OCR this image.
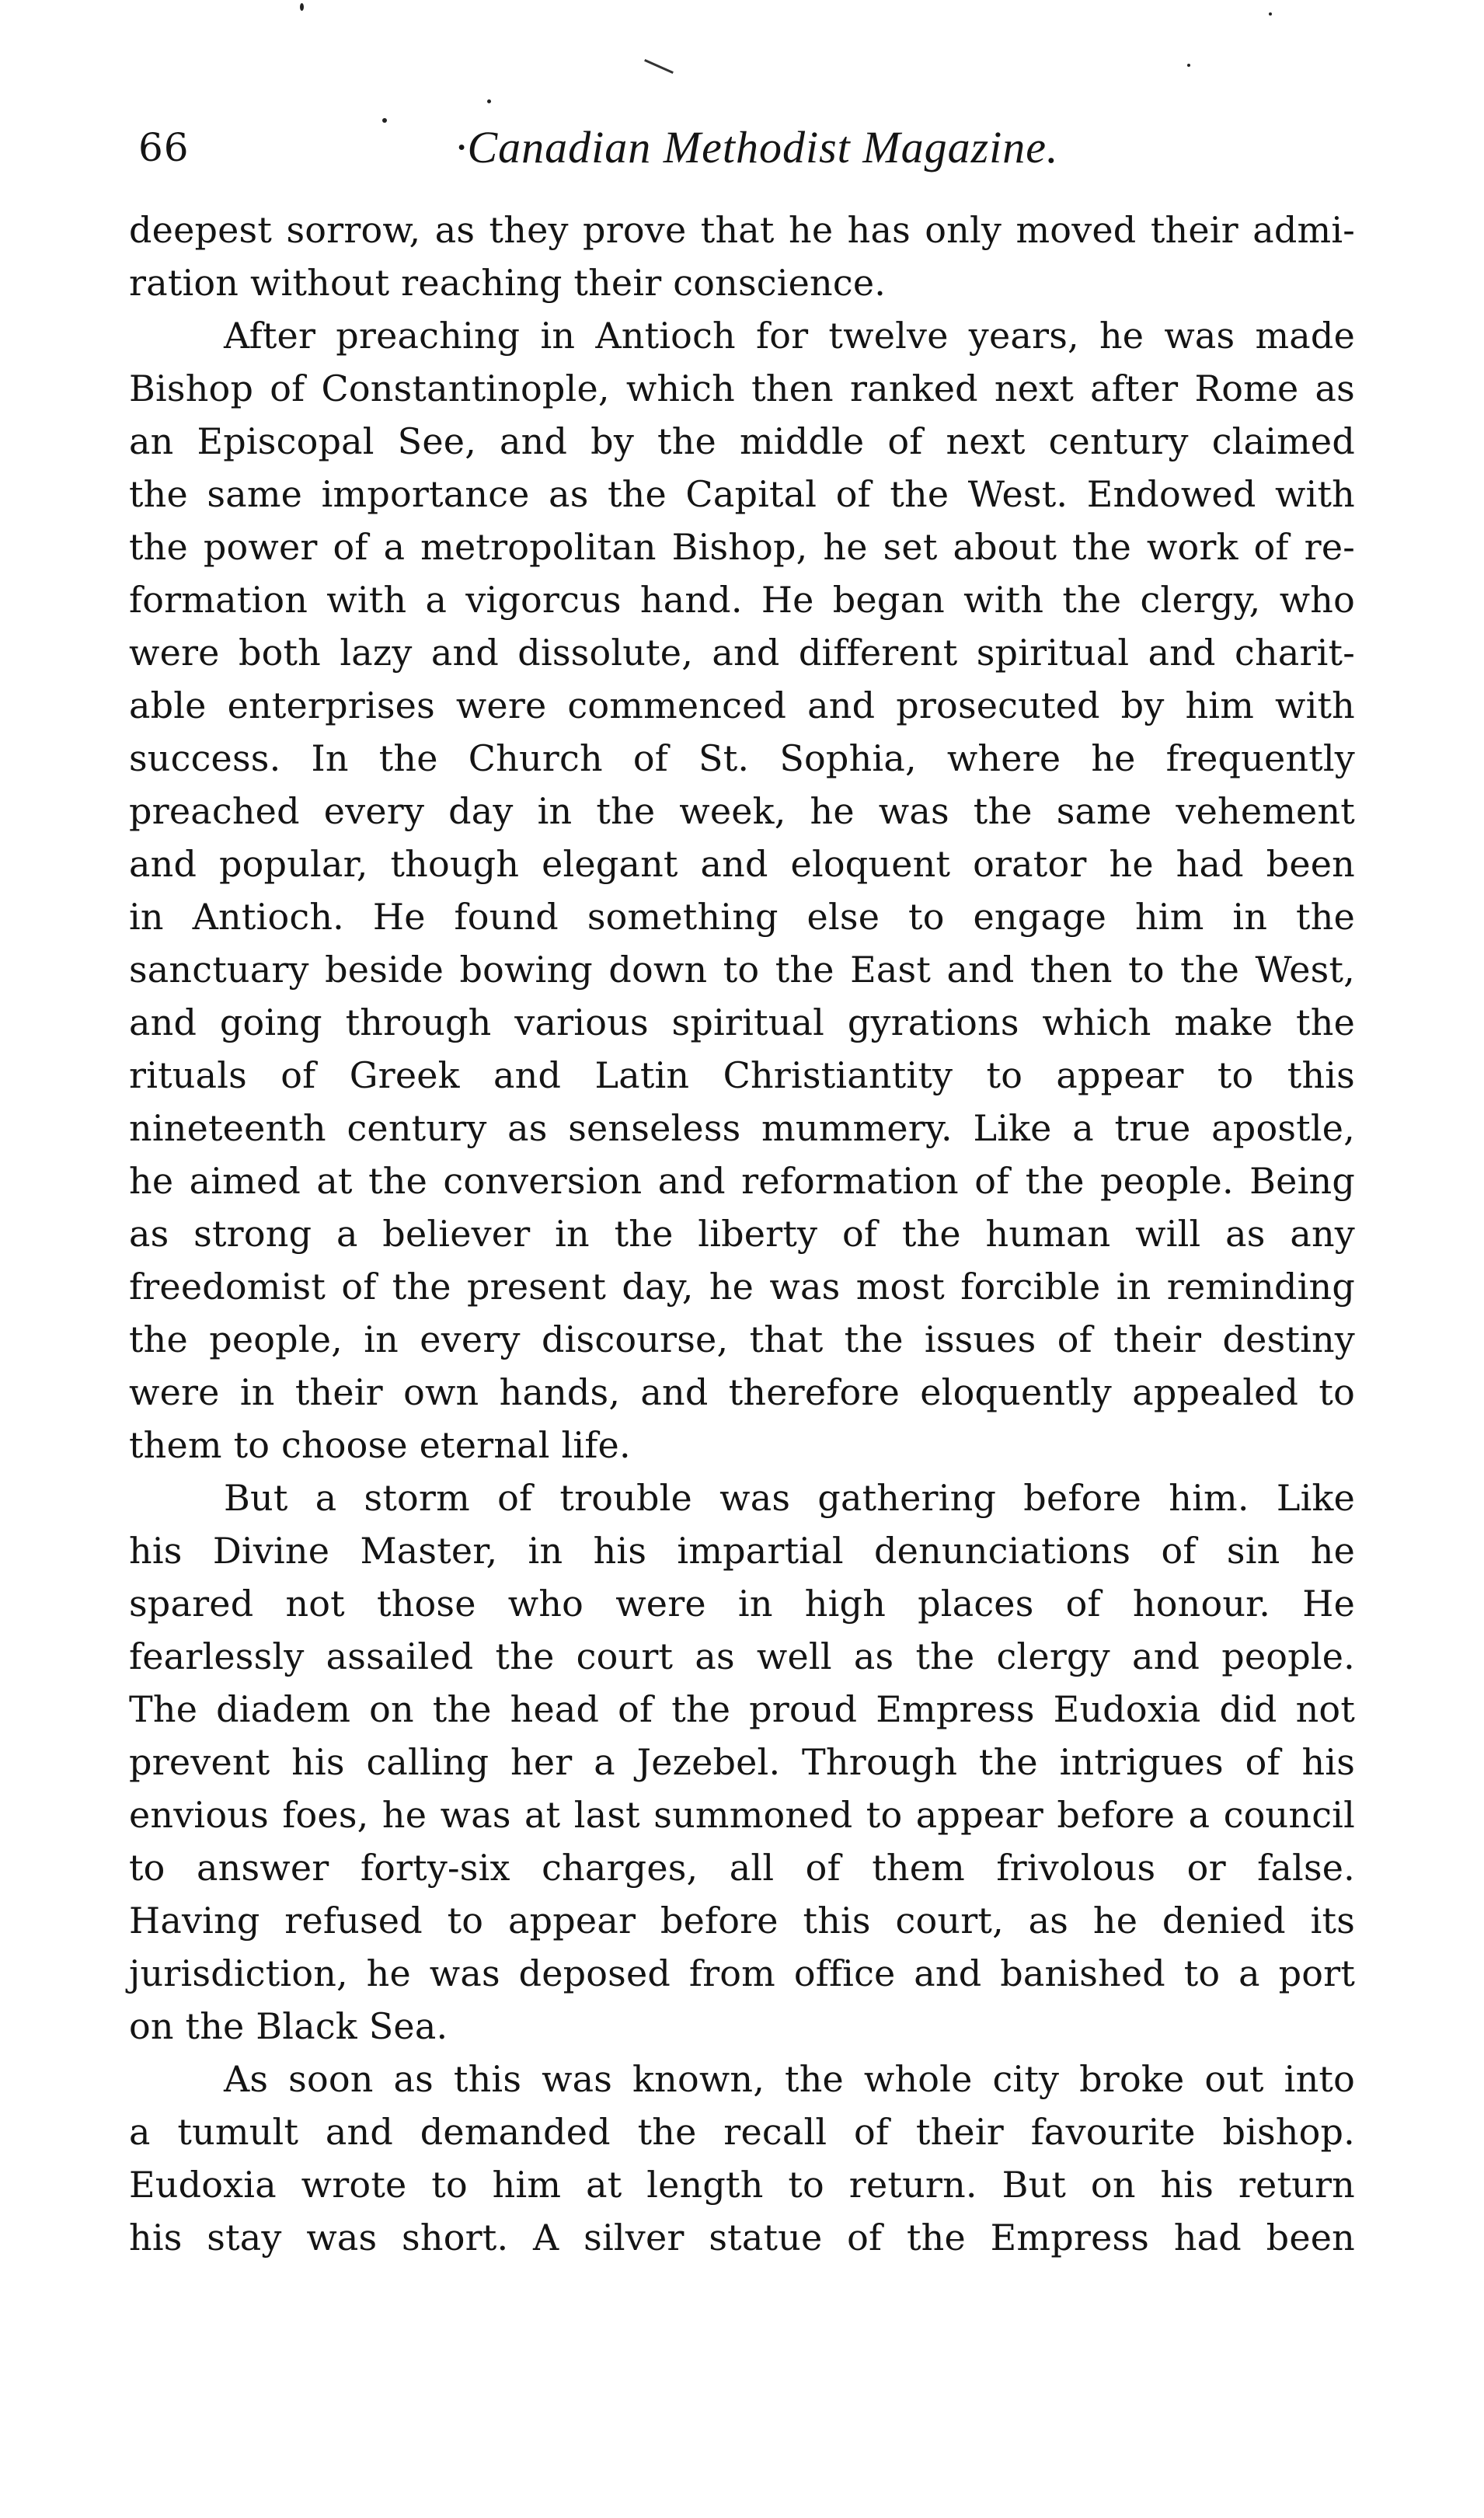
66	·Canadian Methodist Magazine.
deepest sorrow, as they prove that he has only moved their admi-
ration without reaching their conscience.
After preaching in Antioch for twelve years, he was made
Bishop of Constantinople, which then ranked next after Rome as
an Episcopal See, and by the middle of next century claimed
the same importance as the Capital of the West. Endowed with
the power of a metropolitan Bishop, he set about the work of re-
formation with a vigorcus hand. He began with the clergy, who
were both lazy and dissolute, and different spiritual and charit-
able enterprises were commenced and prosecuted by him with
success. In the Church of St. Sophia, where he frequently
preached every day in the week, he was the same vehement
and popular, though elegant and eloquent orator he had been
in Antioch. He found something else to engage him in the
sanctuary beside bowing down to the East and then to the West,
and going through various spiritual gyrations which make the
rituals of Greek and Latin Christiantity to appear to this
nineteenth century as senseless mummery. Like a true apostle,
he aimed at the conversion and reformation of the people. Being
as strong a believer in the liberty of the human will as any
freedomist of the present day, he was most forcible in reminding
the people, in every discourse, that the issues of their destiny
were in their own hands, and therefore eloquently appealed to
them to choose eternal life.
But a storm of trouble was gathering before him. Like
his Divine Master, in his impartial denunciations of sin he
spared not those who were in high places of honour. He
fearlessly assailed the court as well as the clergy and people.
The diadem on the head of the proud Empress Eudoxia did not
prevent his calling her a Jezebel. Through the intrigues of his
envious foes, he was at last summoned to appear before a council
to answer forty-six charges, all of them frivolous or false.
Having refused to appear before this court, as he denied its
jurisdiction, he was deposed from office and banished to a port
on the Black Sea.
As soon as this was known, the whole city broke out into
a tumult and demanded the recall of their favourite bishop.
Eudoxia wrote to him at length to return. But on his return
his stay was short. A silver statue of the Empress had been
